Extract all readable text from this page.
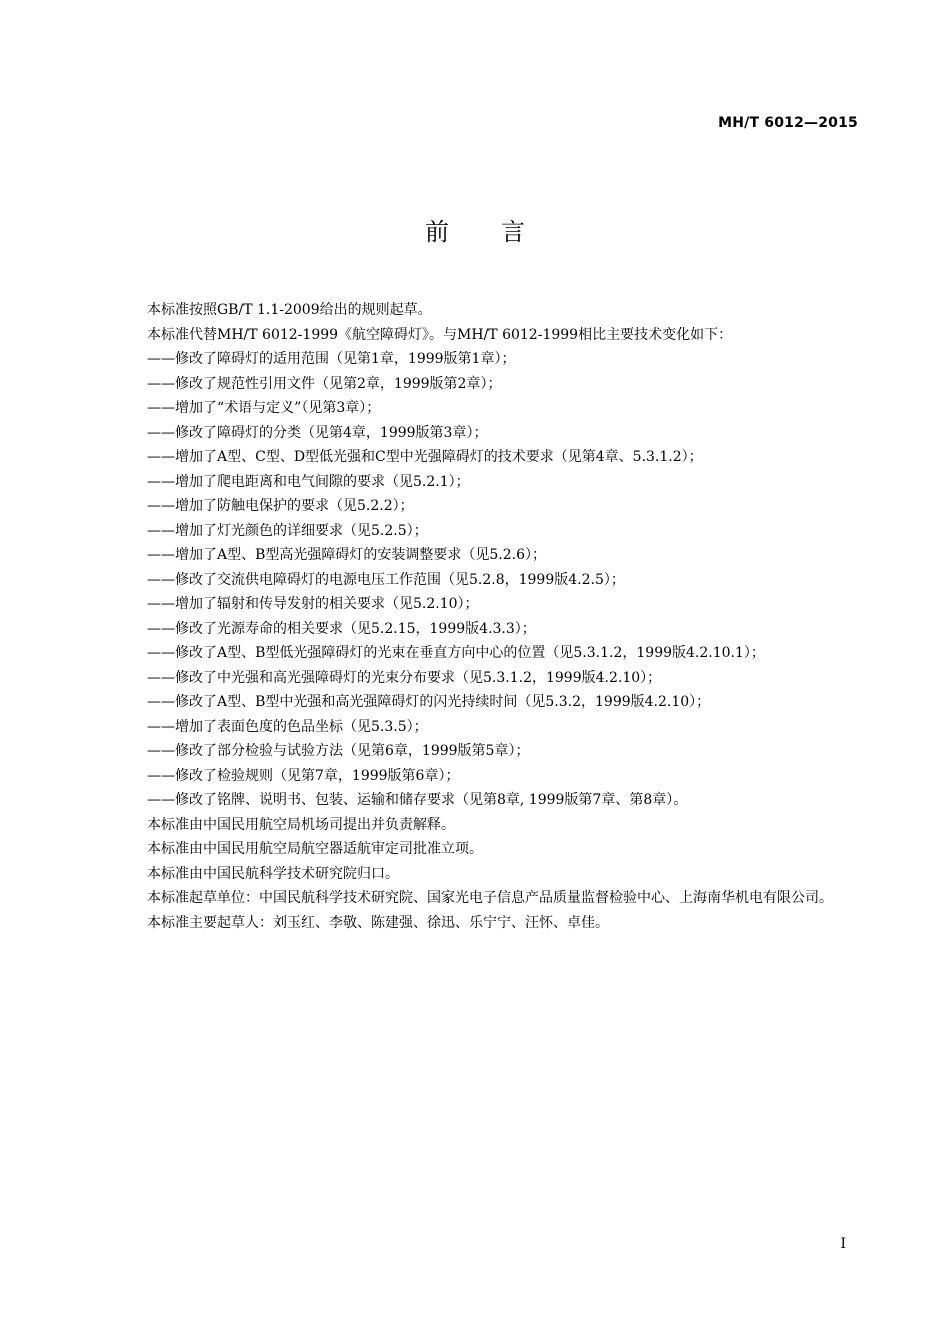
MH/T 6012—2015
前言

本标准按照GB/T 1.1-2009给出的规则起草。

本标准代替MH/T 6012-1999《航空障碍灯》。与MH/T 6012-1999相比主要技术变化如下：

——修改了障碍灯的适用范围（见第1章，1999版第1章）；
——修改了规范性引用文件（见第2章，1999版第2章）；
——增加了“术语与定义”（见第3章）；
——修改了障碍灯的分类（见第4章，1999版第3章）；
——增加了A型、C型、D型低光强和C型中光强障碍灯的技术要求（见第4章、5.3.1.2）；
——增加了爬电距离和电气间隙的要求（见5.2.1）；
——增加了防触电保护的要求（见5.2.2）；
——增加了灯光颜色的详细要求（见5.2.5）；
——增加了A型、B型高光强障碍灯的安装调整要求（见5.2.6）；
——修改了交流供电障碍灯的电源电压工作范围（见5.2.8，1999版4.2.5）；
——增加了辐射和传导发射的相关要求（见5.2.10）；
——修改了光源寿命的相关要求（见5.2.15，1999版4.3.3）；
——修改了A型、B型低光强障碍灯的光束在垂直方向中心的位置（见5.3.1.2，1999版4.2.10.1）；
——修改了中光强和高光强障碍灯的光束分布要求（见5.3.1.2，1999版4.2.10）；
——修改了A型、B型中光强和高光强障碍灯的闪光持续时间（见5.3.2，1999版4.2.10）；
——增加了表面色度的色品坐标（见5.3.5）；
——修改了部分检验与试验方法（见第6章，1999版第5章）；
——修改了检验规则（见第7章，1999版第6章）；
——修改了铭牌、说明书、包装、运输和储存要求（见第8章, 1999版第7章、第8章）。

本标准由中国民用航空局机场司提出并负责解释。

本标准由中国民用航空局航空器适航审定司批准立项。

本标准由中国民航科学技术研究院归口。

本标准起草单位：中国民航科学技术研究院、国家光电子信息产品质量监督检验中心、上海南华机电有限公司。

本标准主要起草人：刘玉红、李敬、陈建强、徐迅、乐宁宁、汪怀、卓佳。

I
